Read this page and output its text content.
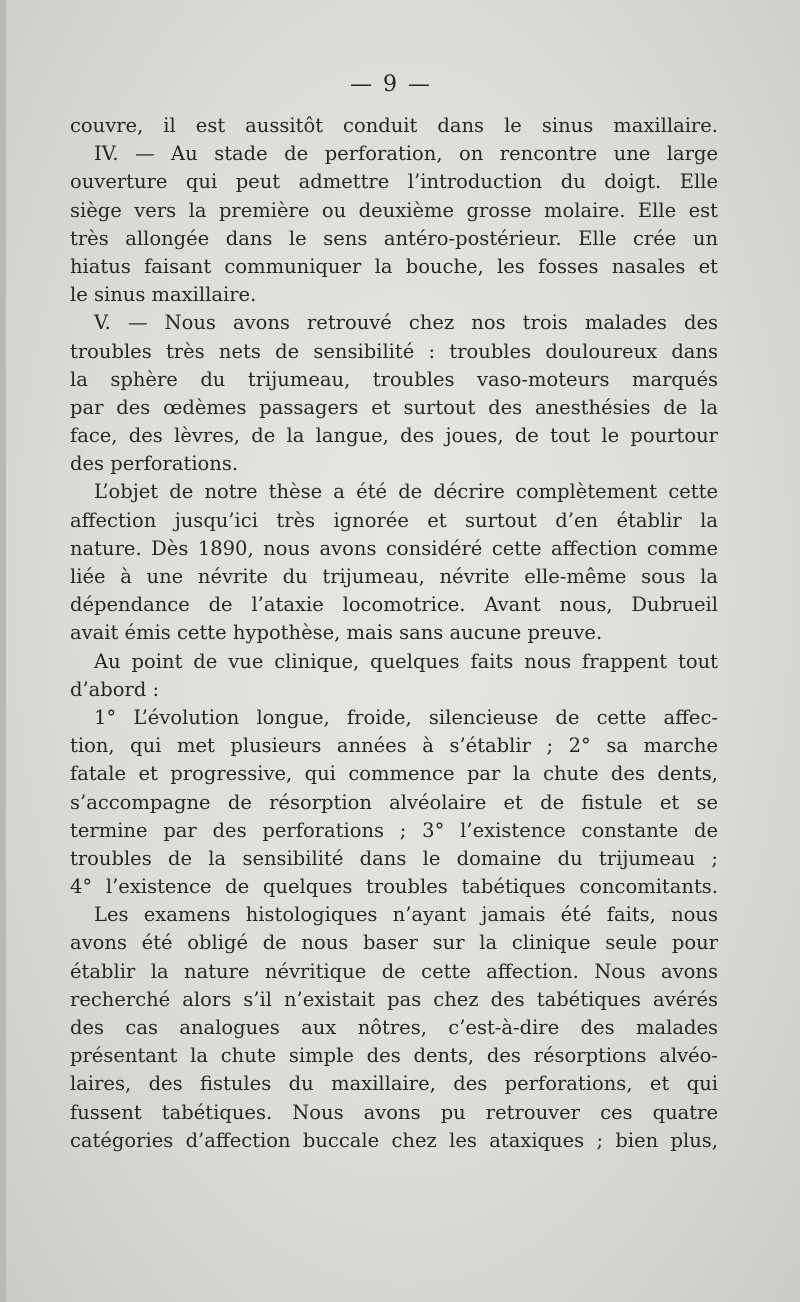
— 9 —
couvre, il est aussitôt conduit dans le sinus maxillaire.
IV. — Au stade de perforation, on rencontre une large
ouverture qui peut admettre l’introduction du doigt. Elle
siège vers la première ou deuxième grosse molaire. Elle est
très allongée dans le sens antéro-postérieur. Elle crée un
hiatus faisant communiquer la bouche, les fosses nasales et
le sinus maxillaire.
V. — Nous avons retrouvé chez nos trois malades des
troubles très nets de sensibilité : troubles douloureux dans
la sphère du trijumeau, troubles vaso-moteurs marqués
par des œdèmes passagers et surtout des anesthésies de la
face, des lèvres, de la langue, des joues, de tout le pourtour
des perforations.
L’objet de notre thèse a été de décrire complètement cette
affection jusqu’ici très ignorée et surtout d’en établir la
nature. Dès 1890, nous avons considéré cette affection comme
liée à une névrite du trijumeau, névrite elle-même sous la
dépendance de l’ataxie locomotrice. Avant nous, Dubrueil
avait émis cette hypothèse, mais sans aucune preuve.
Au point de vue clinique, quelques faits nous frappent tout
d’abord :
1° L’évolution longue, froide, silencieuse de cette affec-
tion, qui met plusieurs années à s’établir ; 2° sa marche
fatale et progressive, qui commence par la chute des dents,
s’accompagne de résorption alvéolaire et de fistule et se
termine par des perforations ; 3° l’existence constante de
troubles de la sensibilité dans le domaine du trijumeau ;
4° l’existence de quelques troubles tabétiques concomitants.
Les examens histologiques n’ayant jamais été faits, nous
avons été obligé de nous baser sur la clinique seule pour
établir la nature névritique de cette affection. Nous avons
recherché alors s’il n’existait pas chez des tabétiques avérés
des cas analogues aux nôtres, c’est-à-dire des malades
présentant la chute simple des dents, des résorptions alvéo-
laires, des fistules du maxillaire, des perforations, et qui
fussent tabétiques. Nous avons pu retrouver ces quatre
catégories d’affection buccale chez les ataxiques ; bien plus,
